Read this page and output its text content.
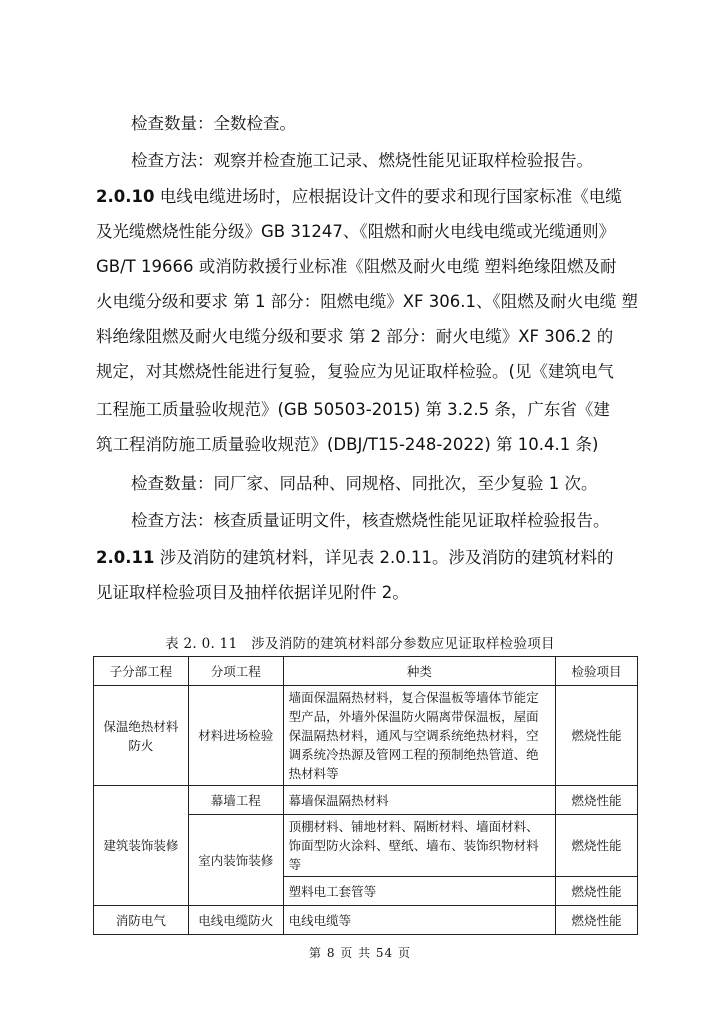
检查数量：全数检查。
检查方法：观察并检查施工记录、燃烧性能见证取样检验报告。
2.0.10 电线电缆进场时，应根据设计文件的要求和现行国家标准《电缆
及光缆燃烧性能分级》GB 31247、《阻燃和耐火电线电缆或光缆通则》
GB/T 19666 或消防救援行业标准《阻燃及耐火电缆 塑料绝缘阻燃及耐
火电缆分级和要求 第 1 部分：阻燃电缆》XF 306.1、《阻燃及耐火电缆 塑
料绝缘阻燃及耐火电缆分级和要求 第 2 部分：耐火电缆》XF 306.2 的
规定，对其燃烧性能进行复验，复验应为见证取样检验。(见《建筑电气
工程施工质量验收规范》(GB 50503-2015) 第 3.2.5 条，广东省《建
筑工程消防施工质量验收规范》(DBJ/T15-248-2022) 第 10.4.1 条)
检查数量：同厂家、同品种、同规格、同批次，至少复验 1 次。
检查方法：核查质量证明文件，核查燃烧性能见证取样检验报告。
2.0.11 涉及消防的建筑材料，详见表 2.0.11。涉及消防的建筑材料的
见证取样检验项目及抽样依据详见附件 2。
表 2. 0. 11　涉及消防的建筑材料部分参数应见证取样检验项目
子分部工程	分项工程	种类	检验项目
保温绝热材料防火	材料进场检验	墙面保温隔热材料，复合保温板等墙体节能定型产品，外墙外保温防火隔离带保温板，屋面保温隔热材料，通风与空调系统绝热材料，空调系统冷热源及管网工程的预制绝热管道、绝热材料等	燃烧性能
建筑装饰装修	幕墙工程	幕墙保温隔热材料	燃烧性能
	室内装饰装修	顶棚材料、铺地材料、隔断材料、墙面材料、饰面型防火涂料、壁纸、墙布、装饰织物材料等	燃烧性能
		塑料电工套管等	燃烧性能
消防电气	电线电缆防火	电线电缆等	燃烧性能
第 8 页 共 54 页
